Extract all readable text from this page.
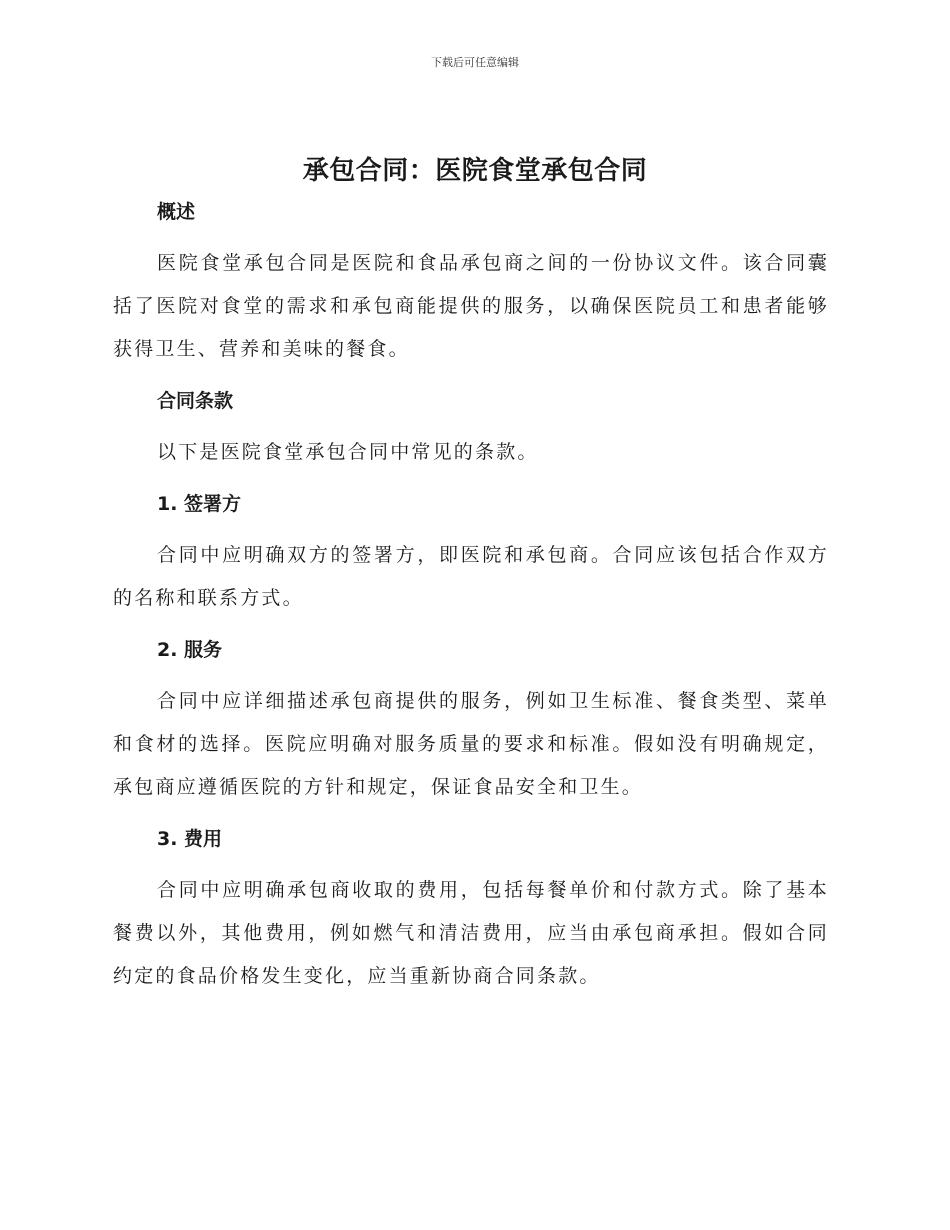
下载后可任意编辑
承包合同：医院食堂承包合同
概述

医院食堂承包合同是医院和食品承包商之间的一份协议文件。该合同囊括了医院对食堂的需求和承包商能提供的服务，以确保医院员工和患者能够获得卫生、营养和美味的餐食。

合同条款

以下是医院食堂承包合同中常见的条款。

1. 签署方

合同中应明确双方的签署方，即医院和承包商。合同应该包括合作双方的名称和联系方式。

2. 服务

合同中应详细描述承包商提供的服务，例如卫生标准、餐食类型、菜单和食材的选择。医院应明确对服务质量的要求和标准。假如没有明确规定，承包商应遵循医院的方针和规定，保证食品安全和卫生。

3. 费用

合同中应明确承包商收取的费用，包括每餐单价和付款方式。除了基本餐费以外，其他费用，例如燃气和清洁费用，应当由承包商承担。假如合同约定的食品价格发生变化，应当重新协商合同条款。
